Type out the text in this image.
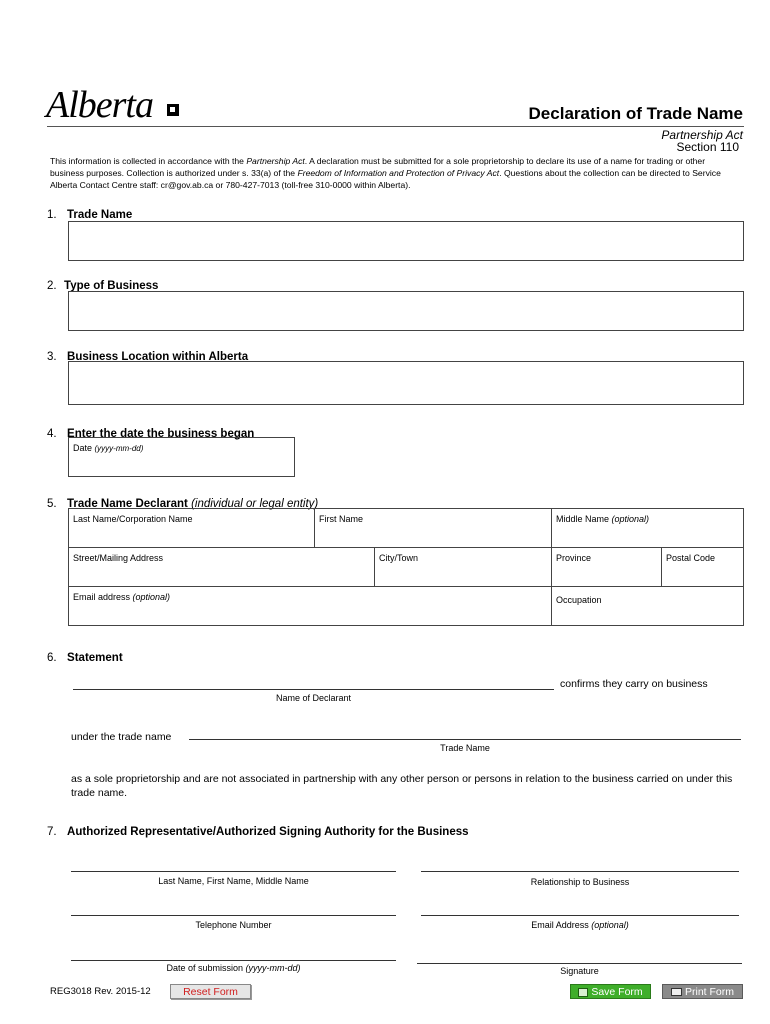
Alberta	Declaration of Trade Name
Partnership Act
Section 110
This information is collected in accordance with the Partnership Act. A declaration must be submitted for a sole proprietorship to declare its use of a name for trading or other business purposes. Collection is authorized under s. 33(a) of the Freedom of Information and Protection of Privacy Act. Questions about the collection can be directed to Service Alberta Contact Centre staff: cr@gov.ab.ca or 780-427-7013 (toll-free 310-0000 within Alberta).
1. Trade Name
2. Type of Business
3. Business Location within Alberta
4. Enter the date the business began
Date (yyyy-mm-dd)
5. Trade Name Declarant (individual or legal entity)
Last Name/Corporation Name	First Name	Middle Name (optional)
Street/Mailing Address	City/Town	Province	Postal Code
Email address (optional)	Occupation
6. Statement
confirms they carry on business
Name of Declarant
under the trade name
Trade Name
as a sole proprietorship and are not associated in partnership with any other person or persons in relation to the business carried on under this trade name.
7. Authorized Representative/Authorized Signing Authority for the Business
Last Name, First Name, Middle Name	Relationship to Business
Telephone Number	Email Address (optional)
Date of submission (yyyy-mm-dd)	Signature
REG3018 Rev. 2015-12	Reset Form	Save Form	Print Form
